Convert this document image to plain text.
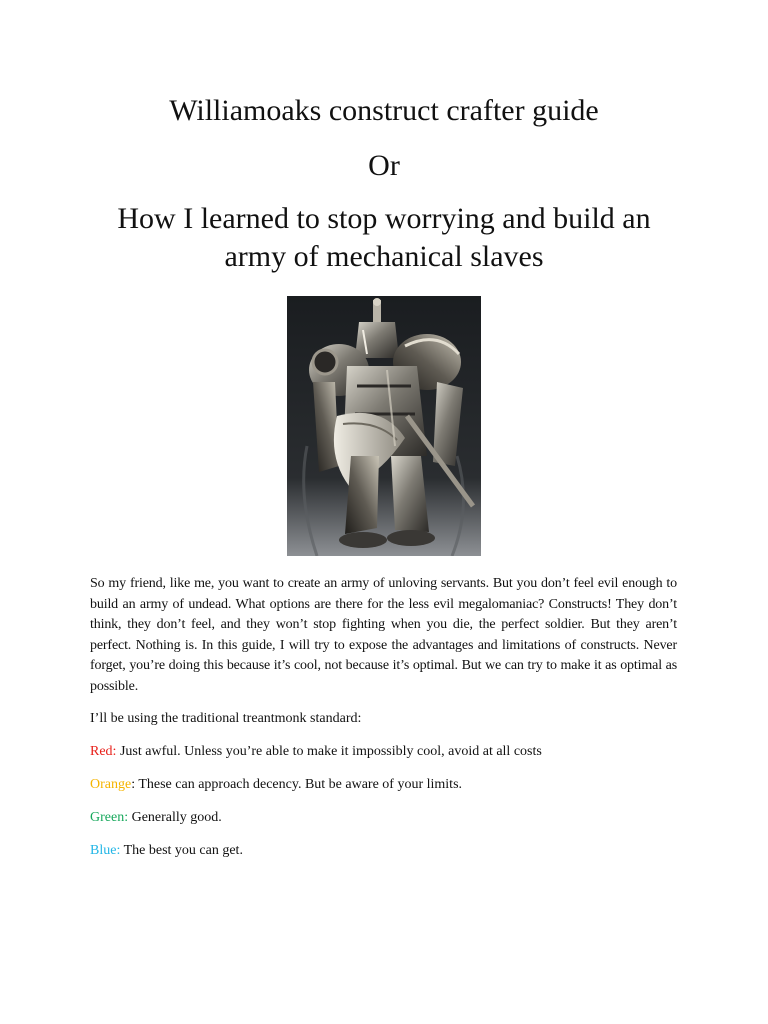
Williamoaks construct crafter guide
Or
How I learned to stop worrying and build an army of mechanical slaves

So my friend, like me, you want to create an army of unloving servants. But you don’t feel evil enough to build an army of undead. What options are there for the less evil megalomaniac? Constructs! They don’t think, they don’t feel, and they won’t stop fighting when you die, the perfect soldier. But they aren’t perfect. Nothing is. In this guide, I will try to expose the advantages and limitations of constructs. Never forget, you’re doing this because it’s cool, not because it’s optimal. But we can try to make it as optimal as possible.

I’ll be using the traditional treantmonk standard:

Red: Just awful. Unless you’re able to make it impossibly cool, avoid at all costs

Orange: These can approach decency. But be aware of your limits.

Green: Generally good.

Blue: The best you can get.
